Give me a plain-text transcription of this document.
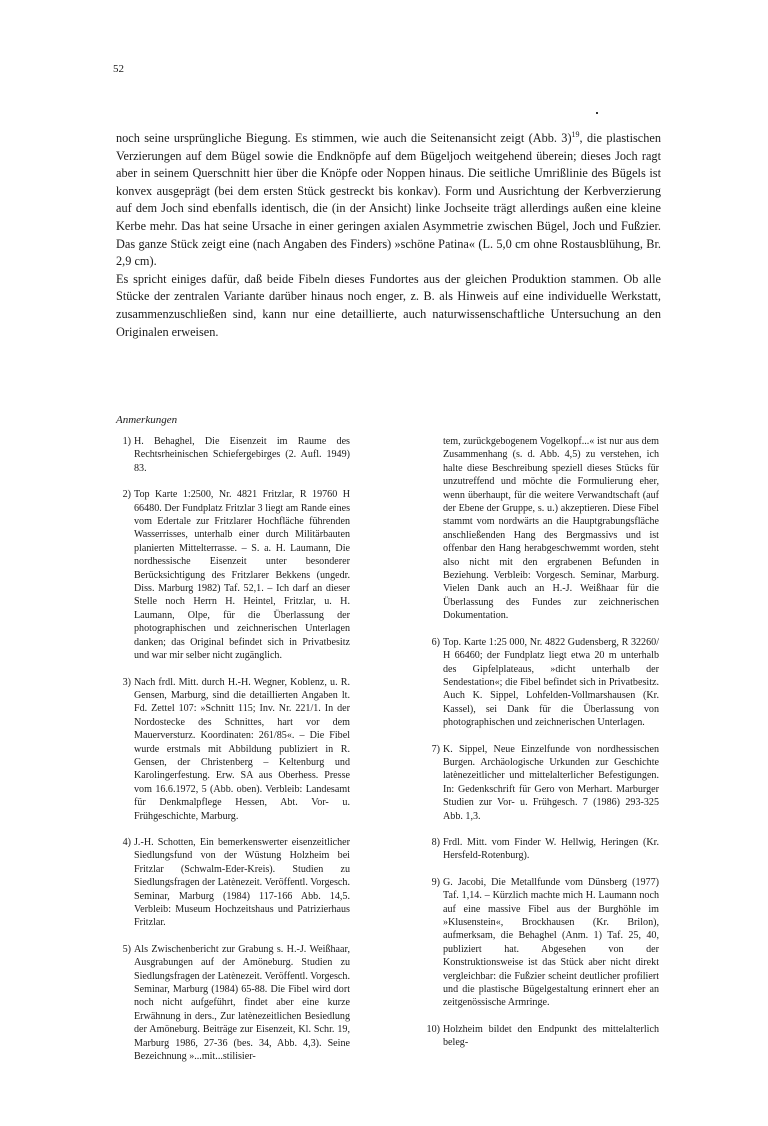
52

noch seine ursprüngliche Biegung. Es stimmen, wie auch die Seitenansicht zeigt (Abb. 3)$^{19}$, die plastischen Verzierungen auf dem Bügel sowie die Endknöpfe auf dem Bügeljoch weitgehend überein; dieses Joch ragt aber in seinem Querschnitt hier über die Knöpfe oder Noppen hinaus. Die seitliche Umrißlinie des Bügels ist konvex ausgeprägt (bei dem ersten Stück gestreckt bis konkav). Form und Ausrichtung der Kerbverzierung auf dem Joch sind ebenfalls identisch, die (in der Ansicht) linke Jochseite trägt allerdings außen eine kleine Kerbe mehr. Das hat seine Ursache in einer geringen axialen Asymmetrie zwischen Bügel, Joch und Fußzier. Das ganze Stück zeigt eine (nach Angaben des Finders) »schöne Patina« (L. 5,0 cm ohne Rostausblühung, Br. 2,9 cm).

Es spricht einiges dafür, daß beide Fibeln dieses Fundortes aus der gleichen Produktion stammen. Ob alle Stücke der zentralen Variante darüber hinaus noch enger, z. B. als Hinweis auf eine individuelle Werkstatt, zusammenzuschließen sind, kann nur eine detaillierte, auch naturwissenschaftliche Untersuchung an den Originalen erweisen.

Anmerkungen
1) H. Behaghel, Die Eisenzeit im Raume des Rechtsrheinischen Schiefergebirges (2. Aufl. 1949) 83.
2) Top Karte 1:2500, Nr. 4821 Fritzlar, R 19760 H 66480. Der Fundplatz Fritzlar 3 liegt am Rande eines vom Edertale zur Fritzlarer Hochfläche führenden Wasserrisses, unterhalb einer durch Militärbauten planierten Mittelterrasse. – S. a. H. Laumann, Die nordhessische Eisenzeit unter besonderer Berücksichtigung des Fritzlarer Bekkens (ungedr. Diss. Marburg 1982) Taf. 52,1. – Ich darf an dieser Stelle noch Herrn H. Heintel, Fritzlar, u. H. Laumann, Olpe, für die Überlassung der photographischen und zeichnerischen Unterlagen danken; das Original befindet sich in Privatbesitz und war mir selber nicht zugänglich.
3) Nach frdl. Mitt. durch H.-H. Wegner, Koblenz, u. R. Gensen, Marburg, sind die detaillierten Angaben lt. Fd. Zettel 107: »Schnitt 115; Inv. Nr. 221/1. In der Nordostecke des Schnittes, hart vor dem Mauerversturz. Koordinaten: 261/85«. – Die Fibel wurde erstmals mit Abbildung publiziert in R. Gensen, der Christenberg – Keltenburg und Karolingerfestung. Erw. SA aus Oberhess. Presse vom 16.6.1972, 5 (Abb. oben). Verbleib: Landesamt für Denkmalpflege Hessen, Abt. Vor- u. Frühgeschichte, Marburg.
4) J.-H. Schotten, Ein bemerkenswerter eisenzeitlicher Siedlungsfund von der Wüstung Holzheim bei Fritzlar (Schwalm-Eder-Kreis). Studien zu Siedlungsfragen der Latènezeit. Veröffentl. Vorgesch. Seminar, Marburg (1984) 117-166 Abb. 14,5. Verbleib: Museum Hochzeitshaus und Patrizierhaus Fritzlar.
5) Als Zwischenbericht zur Grabung s. H.-J. Weißhaar, Ausgrabungen auf der Amöneburg. Studien zu Siedlungsfragen der Latènezeit. Veröffentl. Vorgesch. Seminar, Marburg (1984) 65-88. Die Fibel wird dort noch nicht aufgeführt, findet aber eine kurze Erwähnung in ders., Zur latènezeitlichen Besiedlung der Amöneburg. Beiträge zur Eisenzeit, Kl. Schr. 19, Marburg 1986, 27-36 (bes. 34, Abb. 4,3). Seine Bezeichnung »...mit...stilisier-
tem, zurückgebogenem Vogelkopf...« ist nur aus dem Zusammenhang (s. d. Abb. 4,5) zu verstehen, ich halte diese Beschreibung speziell dieses Stücks für unzutreffend und möchte die Formulierung eher, wenn überhaupt, für die weitere Verwandtschaft (auf der Ebene der Gruppe, s. u.) akzeptieren. Diese Fibel stammt vom nordwärts an die Hauptgrabungsfläche anschließenden Hang des Bergmassivs und ist offenbar den Hang herabgeschwemmt worden, steht also nicht mit den ergrabenen Befunden in Beziehung. Verbleib: Vorgesch. Seminar, Marburg. Vielen Dank auch an H.-J. Weißhaar für die Überlassung des Fundes zur zeichnerischen Dokumentation.
6) Top. Karte 1:25 000, Nr. 4822 Gudensberg, R 32260/ H 66460; der Fundplatz liegt etwa 20 m unterhalb des Gipfelplateaus, »dicht unterhalb der Sendestation«; die Fibel befindet sich in Privatbesitz. Auch K. Sippel, Lohfelden-Vollmarshausen (Kr. Kassel), sei Dank für die Überlassung von photographischen und zeichnerischen Unterlagen.
7) K. Sippel, Neue Einzelfunde von nordhessischen Burgen. Archäologische Urkunden zur Geschichte latènezeitlicher und mittelalterlicher Befestigungen. In: Gedenkschrift für Gero von Merhart. Marburger Studien zur Vor- u. Frühgesch. 7 (1986) 293-325 Abb. 1,3.
8) Frdl. Mitt. vom Finder W. Hellwig, Heringen (Kr. Hersfeld-Rotenburg).
9) G. Jacobi, Die Metallfunde vom Dünsberg (1977) Taf. 1,14. – Kürzlich machte mich H. Laumann noch auf eine massive Fibel aus der Burghöhle im »Klusenstein«, Brockhausen (Kr. Brilon), aufmerksam, die Behaghel (Anm. 1) Taf. 25, 40, publiziert hat. Abgesehen von der Konstruktionsweise ist das Stück aber nicht direkt vergleichbar: die Fußzier scheint deutlicher profiliert und die plastische Bügelgestaltung erinnert eher an zeitgenössische Armringe.
10) Holzheim bildet den Endpunkt des mittelalterlich beleg-
